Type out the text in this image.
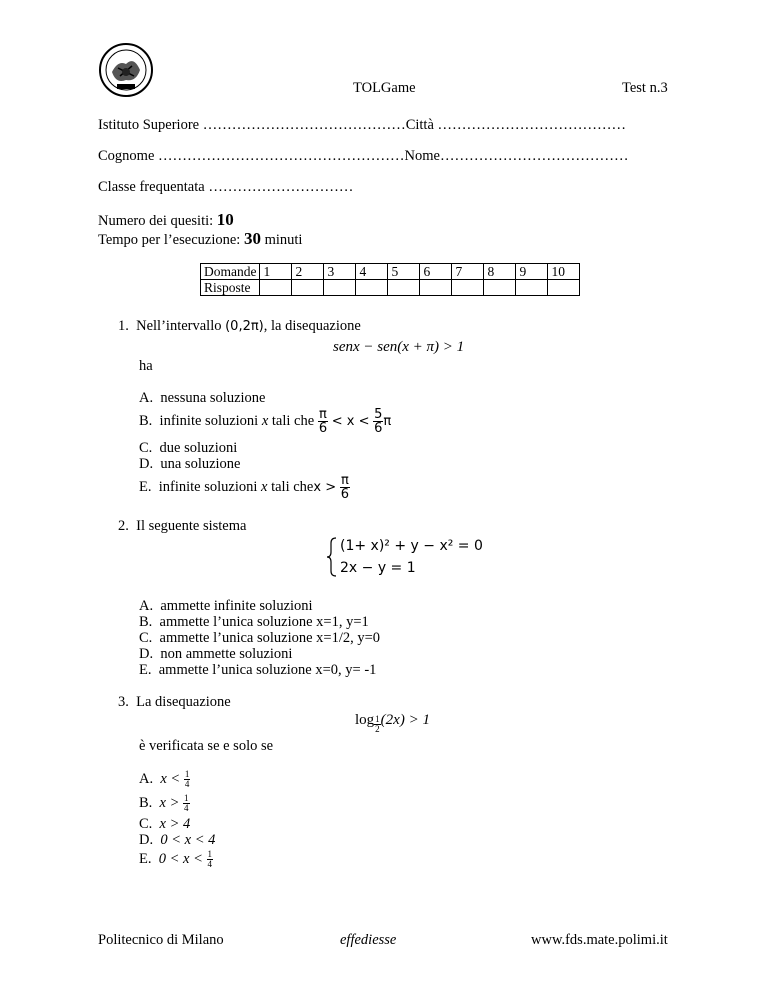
TOLGame	Test n.3
Istituto Superiore ……………………………………Città …………………………………
Cognome ……………………………………………Nome…………………………………
Classe frequentata …………………………
Numero dei quesiti: 10
Tempo per l’esecuzione: 30 minuti
Domande	1	2	3	4	5	6	7	8	9	10
Risposte										
1. Nell’intervallo (0,2π), la disequazione
senx − sen(x + π) > 1
ha
A. nessuna soluzione
B. infinite soluzioni x tali che $\frac{\pi}{6} < x < \frac{5}{6}$ π
C. due soluzioni
D. una soluzione
E. infinite soluzioni x tali chex > $\frac{\pi}{6}$
2. Il seguente sistema
(1+ x)² + y − x² = 0
2x − y = 1
A. ammette infinite soluzioni
B. ammette l’unica soluzione x=1, y=1
C. ammette l’unica soluzione x=1/2, y=0
D. non ammette soluzioni
E. ammette l’unica soluzione x=0, y= -1
3. La disequazione
$\log \frac{1}{2} (2x) > 1$
è verificata se e solo se
A. $x < \frac{1}{4}$
B. $x > \frac{1}{4}$
C. x > 4
D. 0 < x < 4
E. $0 < x < \frac{1}{4}$
Politecnico di Milano	effediesse	www.fds.mate.polimi.it
